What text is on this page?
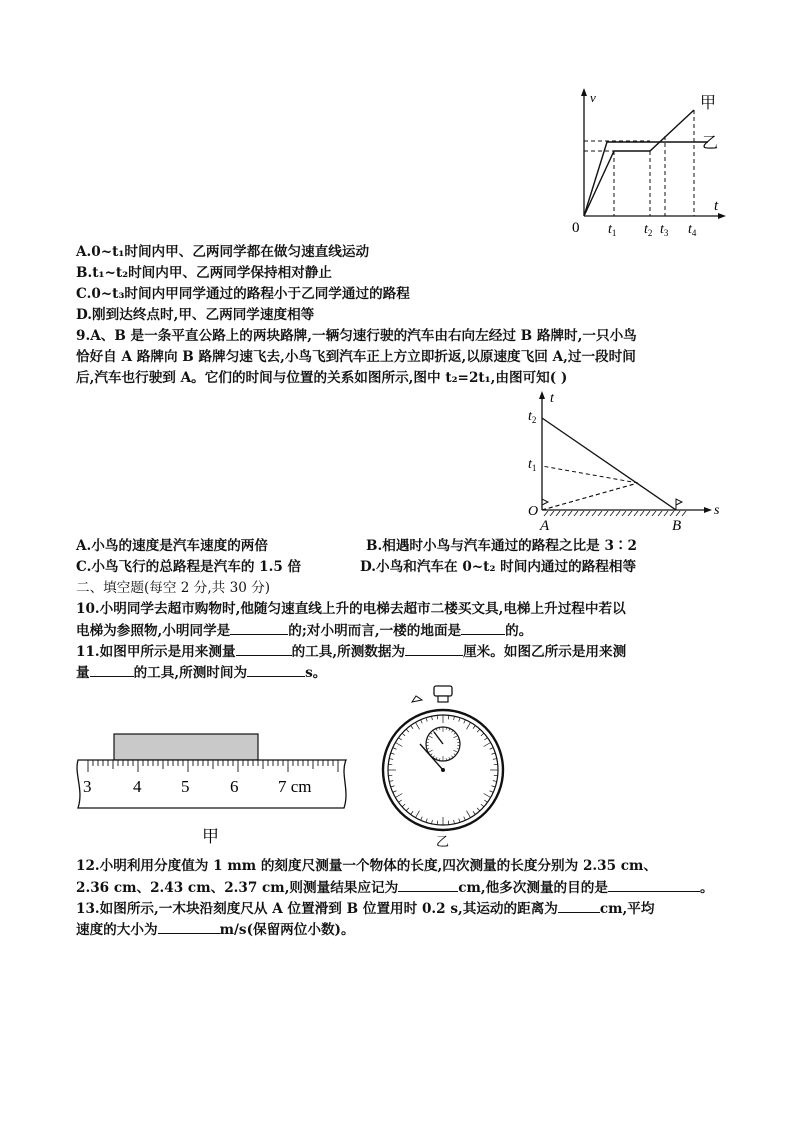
v
t
0
甲
乙
$t_1$ $t_2$ $t_3$ $t_4$
A.0~t₁时间内甲、乙两同学都在做匀速直线运动
B.t₁~t₂时间内甲、乙两同学保持相对静止
C.0~t₃时间内甲同学通过的路程小于乙同学通过的路程
D.刚到达终点时,甲、乙两同学速度相等
9.A、B 是一条平直公路上的两块路牌,一辆匀速行驶的汽车由右向左经过 B 路牌时,一只小鸟
恰好自 A 路牌向 B 路牌匀速飞去,小鸟飞到汽车正上方立即折返,以原速度飞回 A,过一段时间
后,汽车也行驶到 A。它们的时间与位置的关系如图所示,图中 t₂=2t₁,由图可知( )
t
s
O
$t_2$
$t_1$
A	B
A.小鸟的速度是汽车速度的两倍	B.相遇时小鸟与汽车通过的路程之比是 3∶2
C.小鸟飞行的总路程是汽车的 1.5 倍	D.小鸟和汽车在 0~t₂ 时间内通过的路程相等
二、填空题(每空 2 分,共 30 分)
10.小明同学去超市购物时,他随匀速直线上升的电梯去超市二楼买文具,电梯上升过程中若以
电梯为参照物,小明同学是	的;对小明而言,一楼的地面是	的。
11.如图甲所示是用来测量	的工具,所测数据为	厘米。如图乙所示是用来测
量	的工具,所测时间为	s。
3 4 5 6 7 cm
甲	乙
12.小明利用分度值为 1 mm 的刻度尺测量一个物体的长度,四次测量的长度分别为 2.35 cm、
2.36 cm、2.43 cm、2.37 cm,则测量结果应记为	cm,他多次测量的目的是	。
13.如图所示,一木块沿刻度尺从 A 位置滑到 B 位置用时 0.2 s,其运动的距离为	cm,平均
速度的大小为	m/s(保留两位小数)。
